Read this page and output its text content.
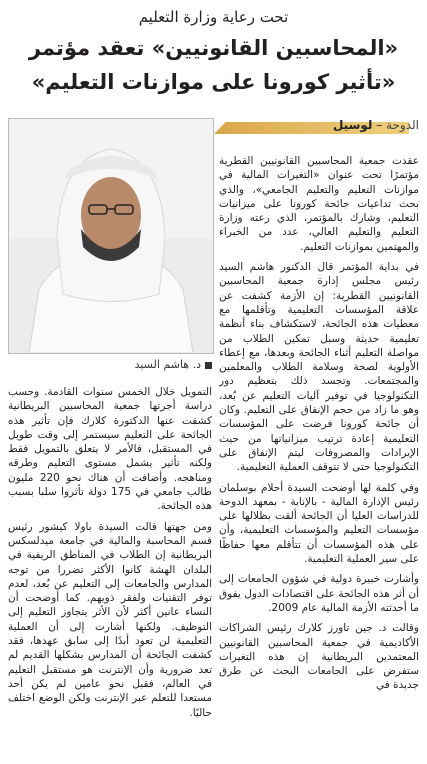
تحت رعاية وزارة التعليم
«المحاسبين القانونيين» تعقد مؤتمر
«تأثير كورونا على موازنات التعليم»
الدوحة – لوسيل
د. هاشم السيد

عقدت جمعية المحاسبين القانونيين القطرية مؤتمرًا تحت عنوان «التغيرات المالية في موازنات التعليم والتعليم الجامعي»، والذي بحث تداعيات جائحة كورونا على ميزانيات التعليم، وشارك بالمؤتمر، الذي رعته وزارة التعليم والتعليم العالي، عدد من الخبراء والمهتمين بموازنات التعليم.

في بداية المؤتمر قال الدكتور هاشم السيد رئيس مجلس إدارة جمعية المحاسبين القانونيين القطرية: إن الأزمة كشفت عن علاقة المؤسسات التعليمية وتأقلمها مع معطيات هذه الجائحة، لاستكشاف بناء أنظمة تعليمية حديثة وسبل تمكين الطلاب من مواصلة التعليم أثناء الجائحة وبعدها، مع إعطاء الأولوية لصحة وسلامة الطلاب والمعلمين والمجتمعات. وتجسد ذلك بتعظيم دور التكنولوجيا في توفير آليات التعليم عن بُعد، وهو ما زاد من حجم الإنفاق على التعليم. وكان أن جائحة كورونا فرضت على المؤسسات التعليمية إعادة ترتيب ميزانياتها من حيث الإيرادات والمصروفات ليتم الإنفاق على التكنولوجيا حتى لا تتوقف العملية التعليمية.

وفي كلمة لها أوضحت السيدة أحلام بوسلمان رئيس الإدارة المالية - بالإنابة - بمعهد الدوحة للدراسات العليا أن الجائحة ألقت بظلالها على مؤسسات التعليم والمؤسسات التعليمية، وأن على هذه المؤسسات أن تتأقلم معها حفاظًا على سير العملية التعليمية.

وأشارت خبيرة دولية في شؤون الجامعات إلى أن أثر هذه الجائحة على اقتصادات الدول يفوق ما أحدثته الأزمة المالية عام 2009.

وقالت د. جين تاورز كلارك رئيس الشراكات الأكاديمية في جمعية المحاسبين القانونيين المعتمدين البريطانية إن هذه التغيرات ستفرض على الجامعات البحث عن طرق جديدة في

التمويل خلال الخمس سنوات القادمة. وحسب دراسة أجرتها جمعية المحاسبين البريطانية كشفت عنها الدكتورة كلارك فإن تأثير هذه الجائحة على التعليم سيستمر إلى وقت طويل في المستقبل، فالأمر لا يتعلق بالتمويل فقط ولكنه تأثير يشمل مستوى التعليم وطرقه ومناهجه. وأضافت أن هناك نحو 220 مليون طالب جامعي في 175 دولة تأثروا سلبا بسبب هذه الجائحة.

ومن جهتها قالت السيدة باولا كيشور رئيس قسم المحاسبة والمالية في جامعة ميدلسكس البريطانية إن الطلاب في المناطق الريفية في البلدان الهشة كانوا الأكثر تضررا من توجه المدارس والجامعات إلى التعليم عن بُعد، لعدم توفر التقنيات ولفقر ذويهم. كما أوضحت أن النساء عانين أكثر لأن الأثر يتجاوز التعليم إلى التوظيف. ولكنها أشارت إلى أن العملية التعليمية لن تعود أبدًا إلى سابق عهدها، فقد كشفت الجائحة أن المدارس بشكلها القديم لم تعد ضرورية وأن الإنترنت هو مستقبل التعليم في العالم، فقبل نحو عامين لم يكن أحد مستعدا للتعلم عبر الإنترنت ولكن الوضع اختلف حاليًا.
